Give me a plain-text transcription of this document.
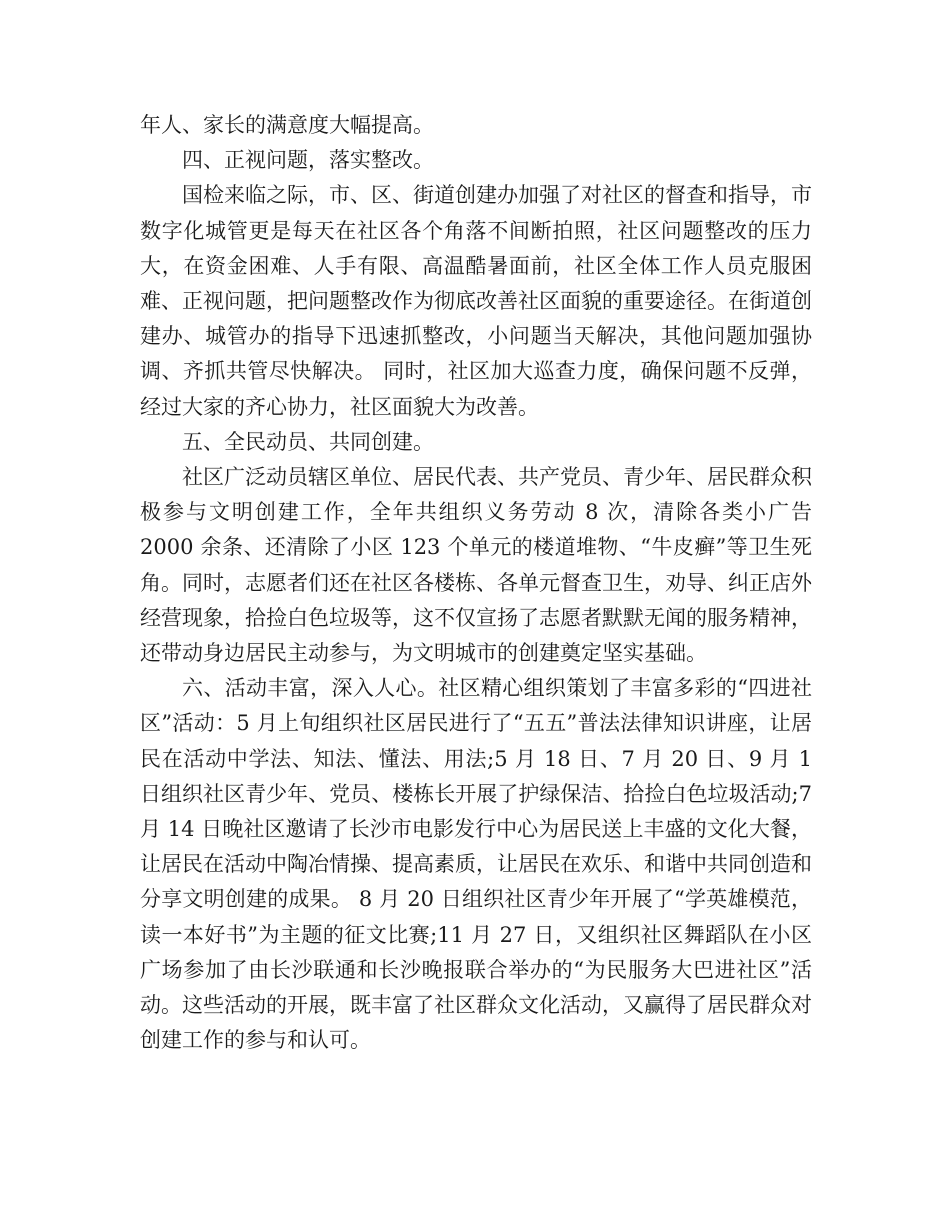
年人、家长的满意度大幅提高。

四、正视问题，落实整改。

国检来临之际，市、区、街道创建办加强了对社区的督查和指导，市数字化城管更是每天在社区各个角落不间断拍照，社区问题整改的压力大，在资金困难、人手有限、高温酷暑面前，社区全体工作人员克服困难、正视问题，把问题整改作为彻底改善社区面貌的重要途径。在街道创建办、城管办的指导下迅速抓整改，小问题当天解决，其他问题加强协调、齐抓共管尽快解决。 同时，社区加大巡查力度，确保问题不反弹，经过大家的齐心协力，社区面貌大为改善。

五、全民动员、共同创建。

社区广泛动员辖区单位、居民代表、共产党员、青少年、居民群众积极参与文明创建工作，全年共组织义务劳动 8 次，清除各类小广告 2000 余条、还清除了小区 123 个单元的楼道堆物、“牛皮癣”等卫生死角。同时，志愿者们还在社区各楼栋、各单元督查卫生，劝导、纠正店外经营现象，拾捡白色垃圾等，这不仅宣扬了志愿者默默无闻的服务精神，还带动身边居民主动参与，为文明城市的创建奠定坚实基础。

六、活动丰富，深入人心。社区精心组织策划了丰富多彩的“四进社区”活动：5 月上旬组织社区居民进行了“五五”普法法律知识讲座，让居民在活动中学法、知法、懂法、用法;5 月 18 日、7 月 20 日、9 月 1 日组织社区青少年、党员、楼栋长开展了护绿保洁、拾捡白色垃圾活动;7 月 14 日晚社区邀请了长沙市电影发行中心为居民送上丰盛的文化大餐，让居民在活动中陶冶情操、提高素质，让居民在欢乐、和谐中共同创造和分享文明创建的成果。 8 月 20 日组织社区青少年开展了“学英雄模范，读一本好书”为主题的征文比赛;11 月 27 日，又组织社区舞蹈队在小区广场参加了由长沙联通和长沙晚报联合举办的“为民服务大巴进社区”活动。这些活动的开展，既丰富了社区群众文化活动，又赢得了居民群众对创建工作的参与和认可。
